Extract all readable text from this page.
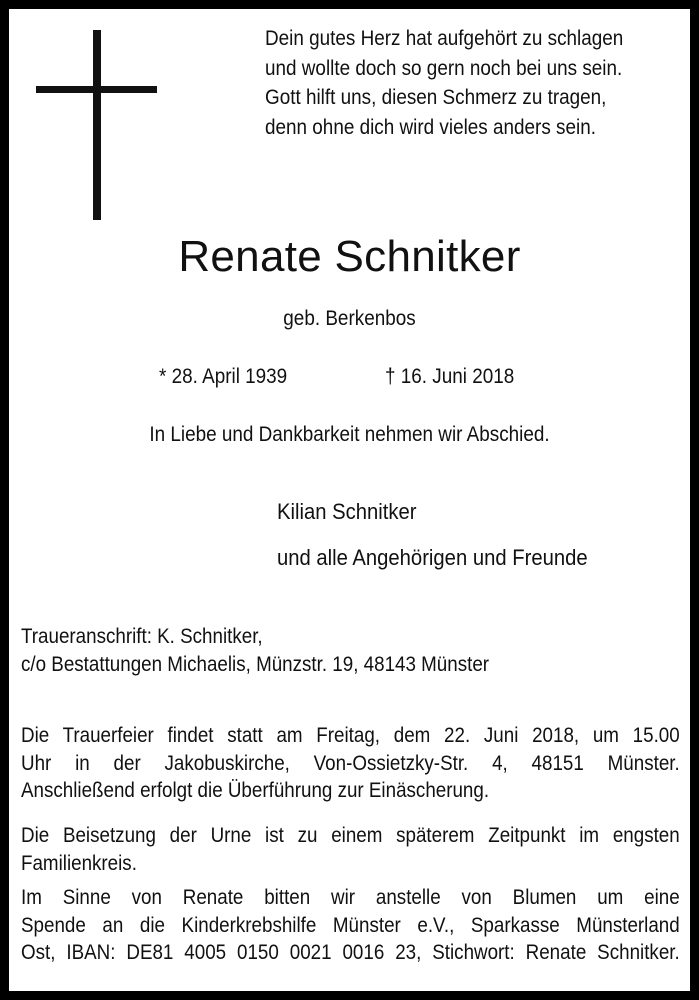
Dein gutes Herz hat aufgehört zu schlagen
und wollte doch so gern noch bei uns sein.
Gott hilft uns, diesen Schmerz zu tragen,
denn ohne dich wird vieles anders sein.
Renate Schnitker
geb. Berkenbos
* 28. April 1939	† 16. Juni 2018
In Liebe und Dankbarkeit nehmen wir Abschied.
Kilian Schnitker
und alle Angehörigen und Freunde
Traueranschrift: K. Schnitker,
c/o Bestattungen Michaelis, Münzstr. 19, 48143 Münster
Die Trauerfeier findet statt am Freitag, dem 22. Juni 2018, um 15.00
Uhr in der Jakobuskirche, Von-Ossietzky-Str. 4, 48151 Münster.
Anschließend erfolgt die Überführung zur Einäscherung.
Die Beisetzung der Urne ist zu einem späterem Zeitpunkt im engsten
Familienkreis.
Im Sinne von Renate bitten wir anstelle von Blumen um eine
Spende an die Kinderkrebshilfe Münster e.V., Sparkasse Münsterland
Ost, IBAN: DE81 4005 0150 0021 0016 23, Stichwort: Renate Schnitker.
